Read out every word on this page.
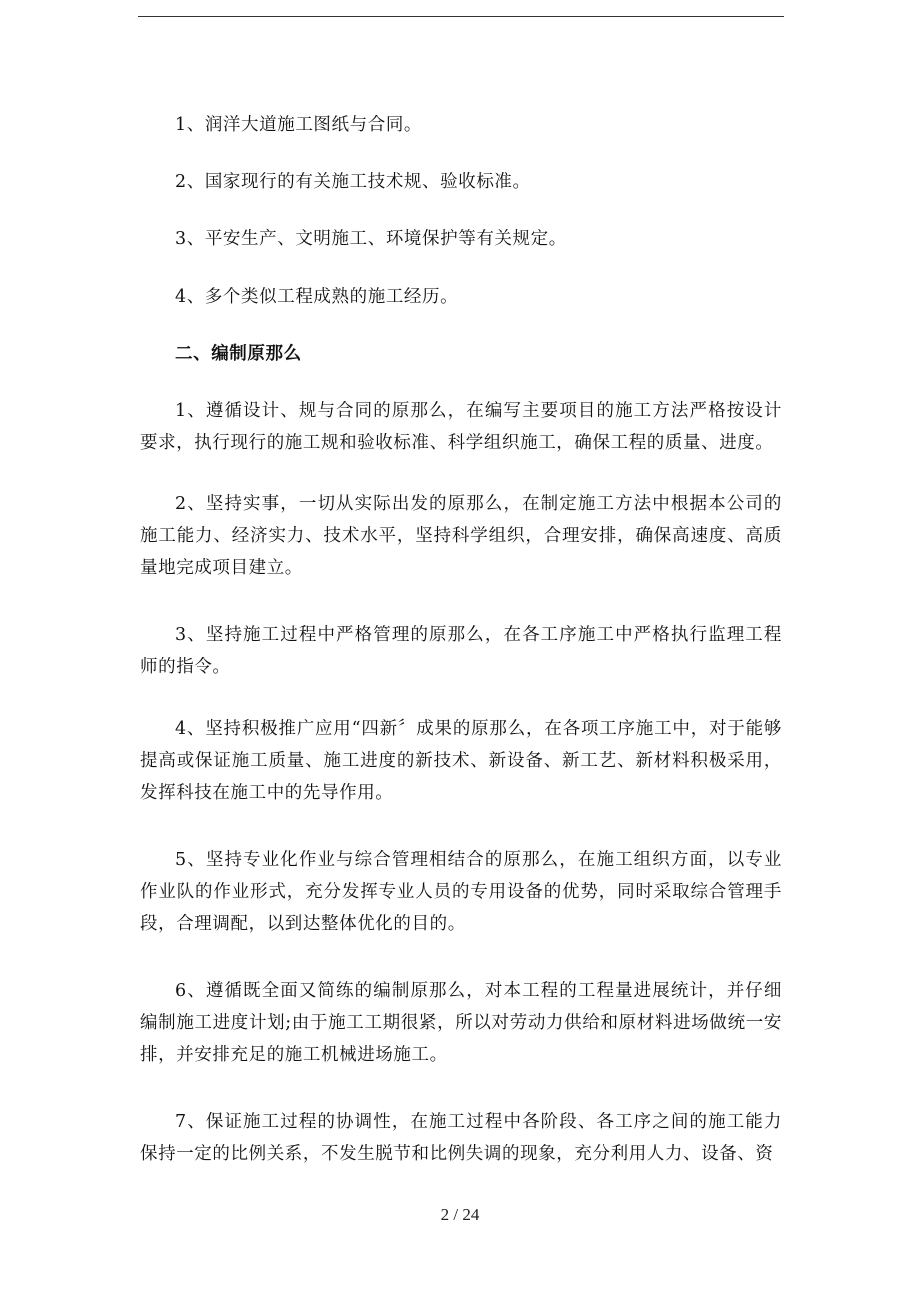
1、润洋大道施工图纸与合同。

2、国家现行的有关施工技术规、验收标准。

3、平安生产、文明施工、环境保护等有关规定。

4、多个类似工程成熟的施工经历。

二、编制原那么

1、遵循设计、规与合同的原那么，在编写主要项目的施工方法严格按设计要求，执行现行的施工规和验收标准、科学组织施工，确保工程的质量、进度。

2、坚持实事，一切从实际出发的原那么，在制定施工方法中根据本公司的施工能力、经济实力、技术水平，坚持科学组织，合理安排，确保高速度、高质量地完成项目建立。

3、坚持施工过程中严格管理的原那么，在各工序施工中严格执行监理工程师的指令。

4、坚持积极推广应用“四新〞成果的原那么，在各项工序施工中，对于能够提高或保证施工质量、施工进度的新技术、新设备、新工艺、新材料积极采用，发挥科技在施工中的先导作用。

5、坚持专业化作业与综合管理相结合的原那么，在施工组织方面，以专业作业队的作业形式，充分发挥专业人员的专用设备的优势，同时采取综合管理手段，合理调配，以到达整体优化的目的。

6、遵循既全面又简练的编制原那么，对本工程的工程量进展统计，并仔细编制施工进度计划;由于施工工期很紧，所以对劳动力供给和原材料进场做统一安排，并安排充足的施工机械进场施工。

7、保证施工过程的协调性，在施工过程中各阶段、各工序之间的施工能力保持一定的比例关系，不发生脱节和比例失调的现象，充分利用人力、设备、资

2 / 24
